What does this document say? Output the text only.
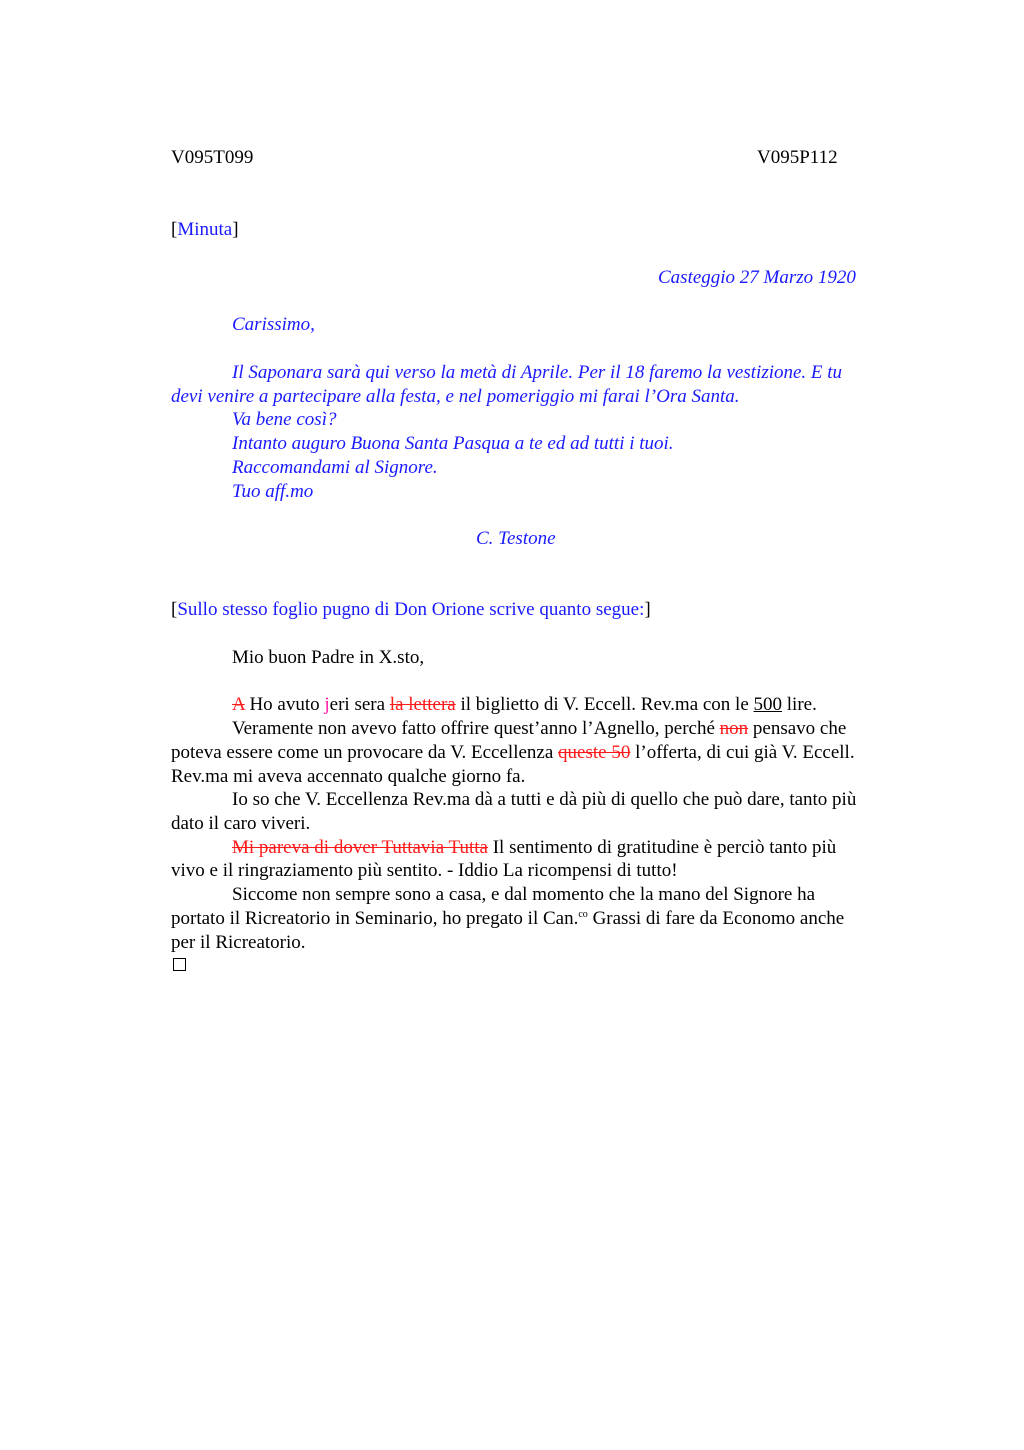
V095T099	V095P112
[Minuta]
Casteggio 27 Marzo 1920
Carissimo,
Il Saponara sarà qui verso la metà di Aprile. Per il 18 faremo la vestizione. E tu
devi venire a partecipare alla festa, e nel pomeriggio mi farai l’Ora Santa.
Va bene così?
Intanto auguro Buona Santa Pasqua a te ed ad tutti i tuoi.
Raccomandami al Signore.
Tuo aff.mo
C. Testone
[Sullo stesso foglio pugno di Don Orione scrive quanto segue:]
Mio buon Padre in X.sto,
A Ho avuto jeri sera la lettera il biglietto di V. Eccell. Rev.ma con le 500 lire.
Veramente non avevo fatto offrire quest’anno l’Agnello, perché non pensavo che
poteva essere come un provocare da V. Eccellenza queste 50 l’offerta, di cui già V. Eccell.
Rev.ma mi aveva accennato qualche giorno fa.
Io so che V. Eccellenza Rev.ma dà a tutti e dà più di quello che può dare, tanto più
dato il caro viveri.
Mi pareva di dover Tuttavia Tutta Il sentimento di gratitudine è perciò tanto più
vivo e il ringraziamento più sentito. - Iddio La ricompensi di tutto!
Siccome non sempre sono a casa, e dal momento che la mano del Signore ha
portato il Ricreatorio in Seminario, ho pregato il Can.$^{co}$ Grassi di fare da Economo anche
per il Ricreatorio.
